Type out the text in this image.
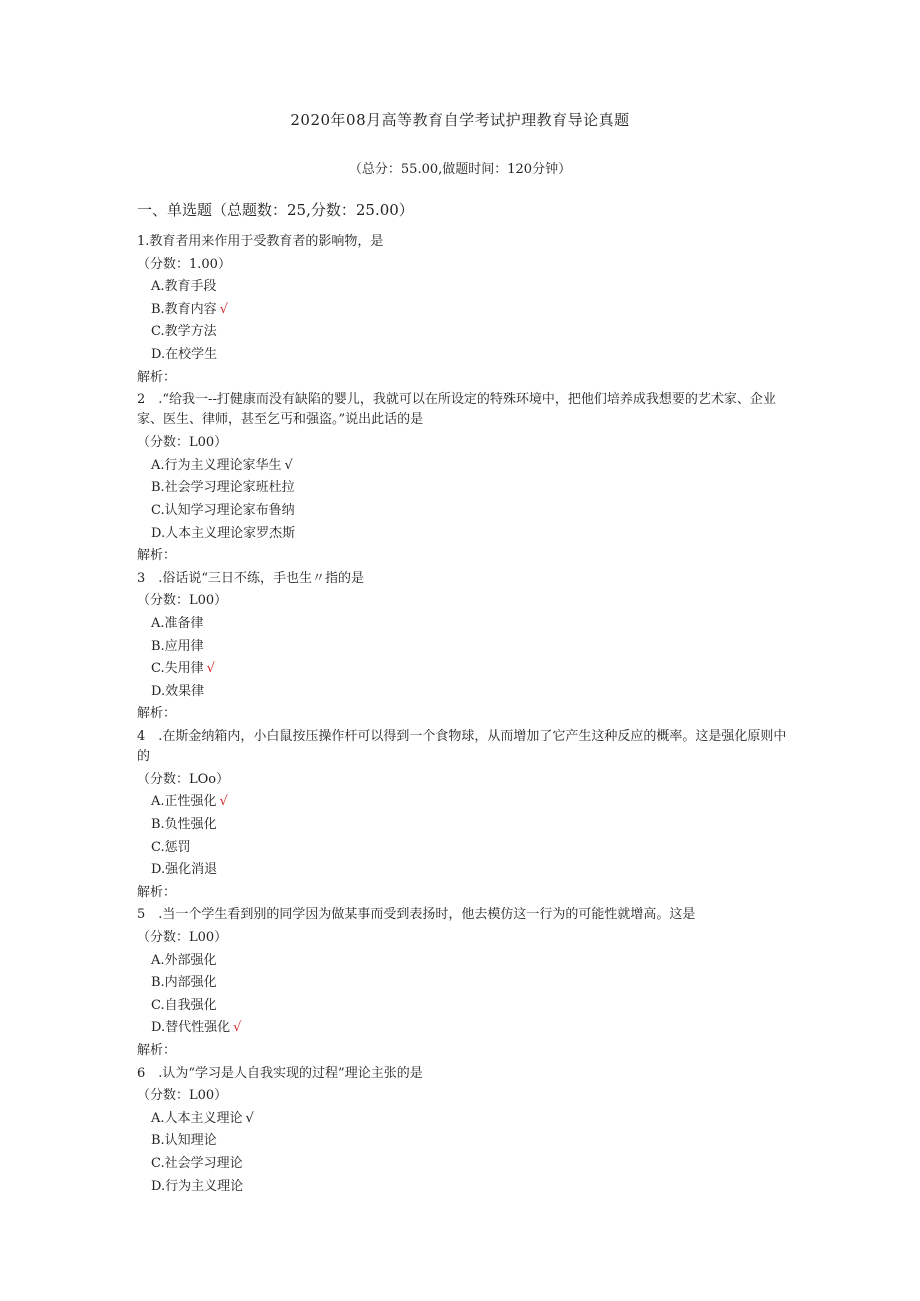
2020年08月高等教育自学考试护理教育导论真题
（总分：55.00,做题时间：120分钟）
一、单选题（总题数：25,分数：25.00）
1.教育者用来作用于受教育者的影响物，是
（分数：1.00）
A.教育手段
B.教育内容 √
C.教学方法
D.在校学生
解析：
2　.“给我一--打健康而没有缺陷的婴儿，我就可以在所设定的特殊环境中，把他们培养成我想要的艺术家、企业家、医生、律师，甚至乞丐和强盗。”说出此话的是
（分数：L00）
A.行为主义理论家华生 √
B.社会学习理论家班杜拉
C.认知学习理论家布鲁纳
D.人本主义理论家罗杰斯
解析：
3　.俗话说“三日不练，手也生〃指的是
（分数：L00）
A.准备律
B.应用律
C.失用律 √
D.效果律
解析：
4　.在斯金纳箱内，小白鼠按压操作杆可以得到一个食物球，从而增加了它产生这种反应的概率。这是强化原则中的
（分数：LOo）
A.正性强化 √
B.负性强化
C.惩罚
D.强化消退
解析：
5　.当一个学生看到别的同学因为做某事而受到表扬时，他去模仿这一行为的可能性就增高。这是
（分数：L00）
A.外部强化
B.内部强化
C.自我强化
D.替代性强化 √
解析：
6　.认为“学习是人自我实现的过程”理论主张的是
（分数：L00）
A.人本主义理论 √
B.认知理论
C.社会学习理论
D.行为主义理论
